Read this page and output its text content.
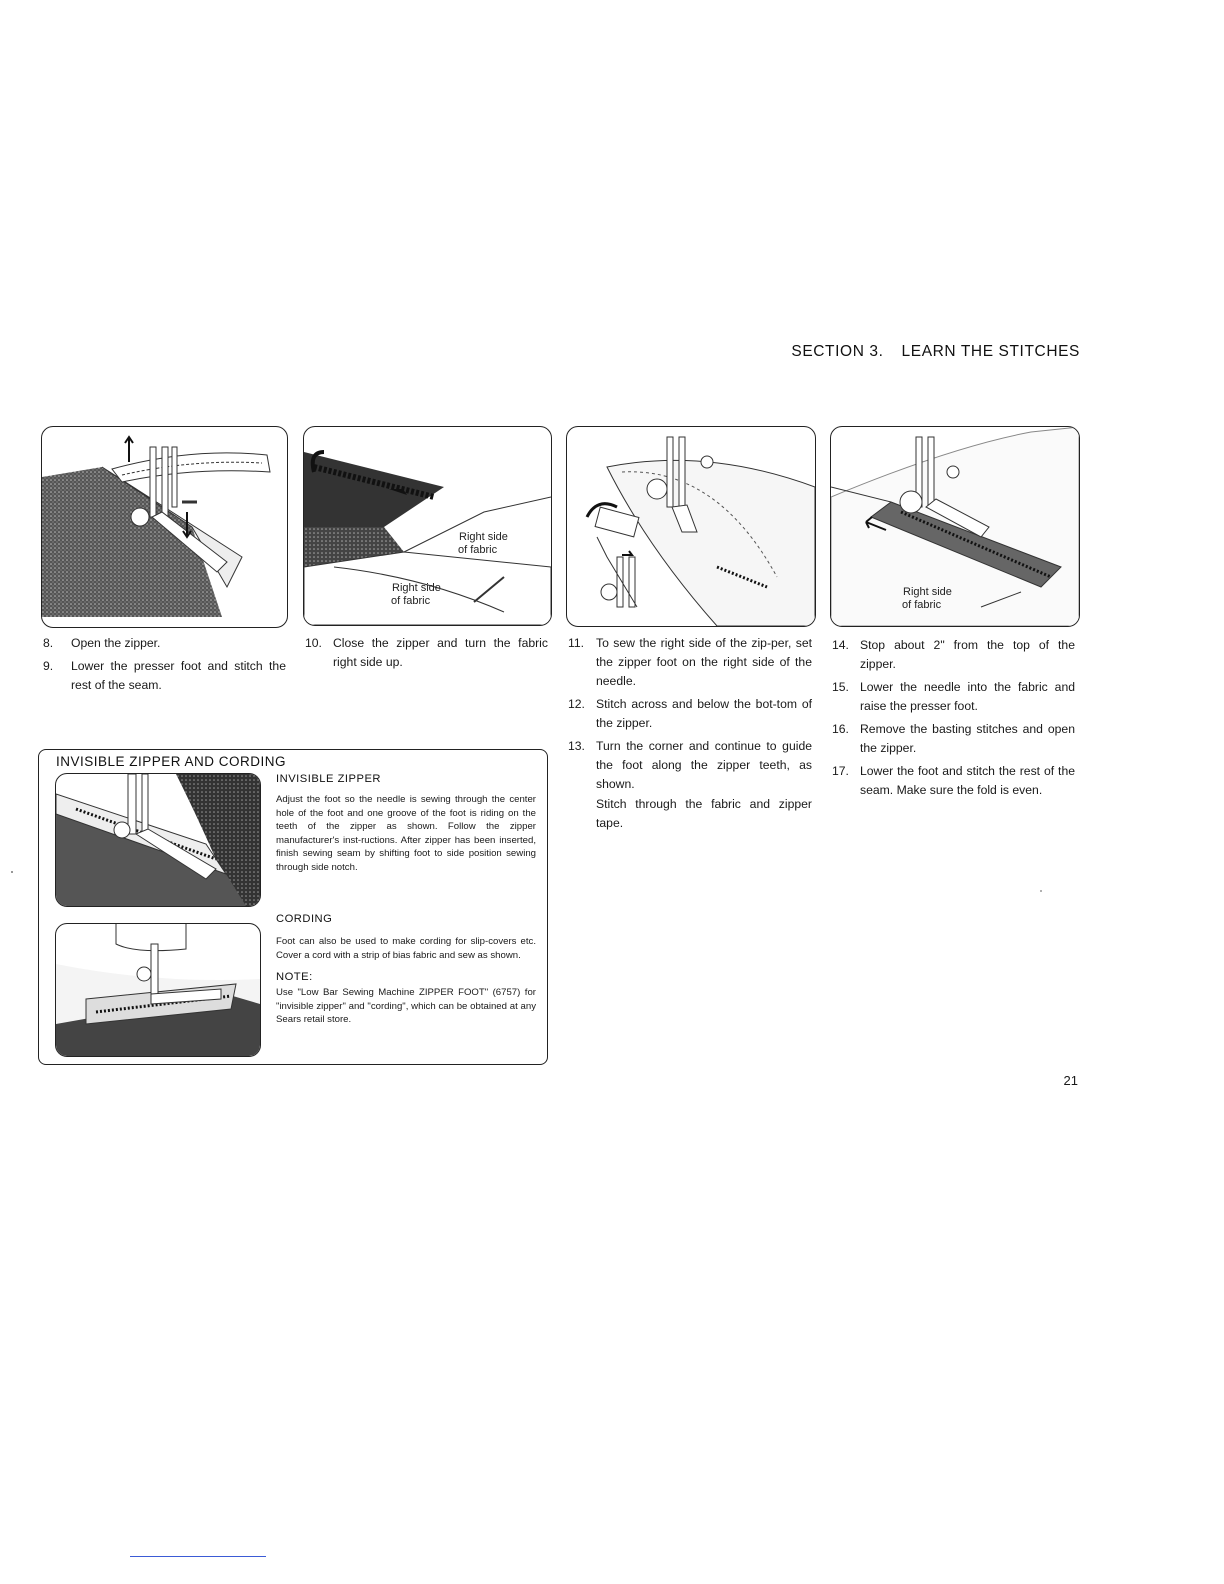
SECTION 3. LEARN THE STITCHES
Right side
of fabric
Right side
of fabric
Right side
of fabric
8. Open the zipper.

9. Lower the presser foot and stitch the rest of the seam.

10. Close the zipper and turn the fabric right side up.

11. To sew the right side of the zip-per, set the zipper foot on the right side of the needle.

12. Stitch across and below the bot-tom of the zipper.

13. Turn the corner and continue to guide the foot along the zipper teeth, as shown.

Stitch through the fabric and zipper tape.

14. Stop about 2" from the top of the zipper.

15. Lower the needle into the fabric and raise the presser foot.

16. Remove the basting stitches and open the zipper.

17. Lower the foot and stitch the rest of the seam. Make sure the fold is even.

INVISIBLE ZIPPER AND CORDING
INVISIBLE ZIPPER
Adjust the foot so the needle is sewing through the center hole of the foot and one groove of the foot is riding on the teeth of the zipper as shown. Follow the zipper manufacturer's inst-ructions. After zipper has been inserted, finish sewing seam by shifting foot to side position sewing through side notch.
CORDING
Foot can also be used to make cording for slip-covers etc. Cover a cord with a strip of bias fabric and sew as shown.
NOTE:
Use "Low Bar Sewing Machine ZIPPER FOOT" (6757) for "invisible zipper" and "cording", which can be obtained at any Sears retail store.
21
